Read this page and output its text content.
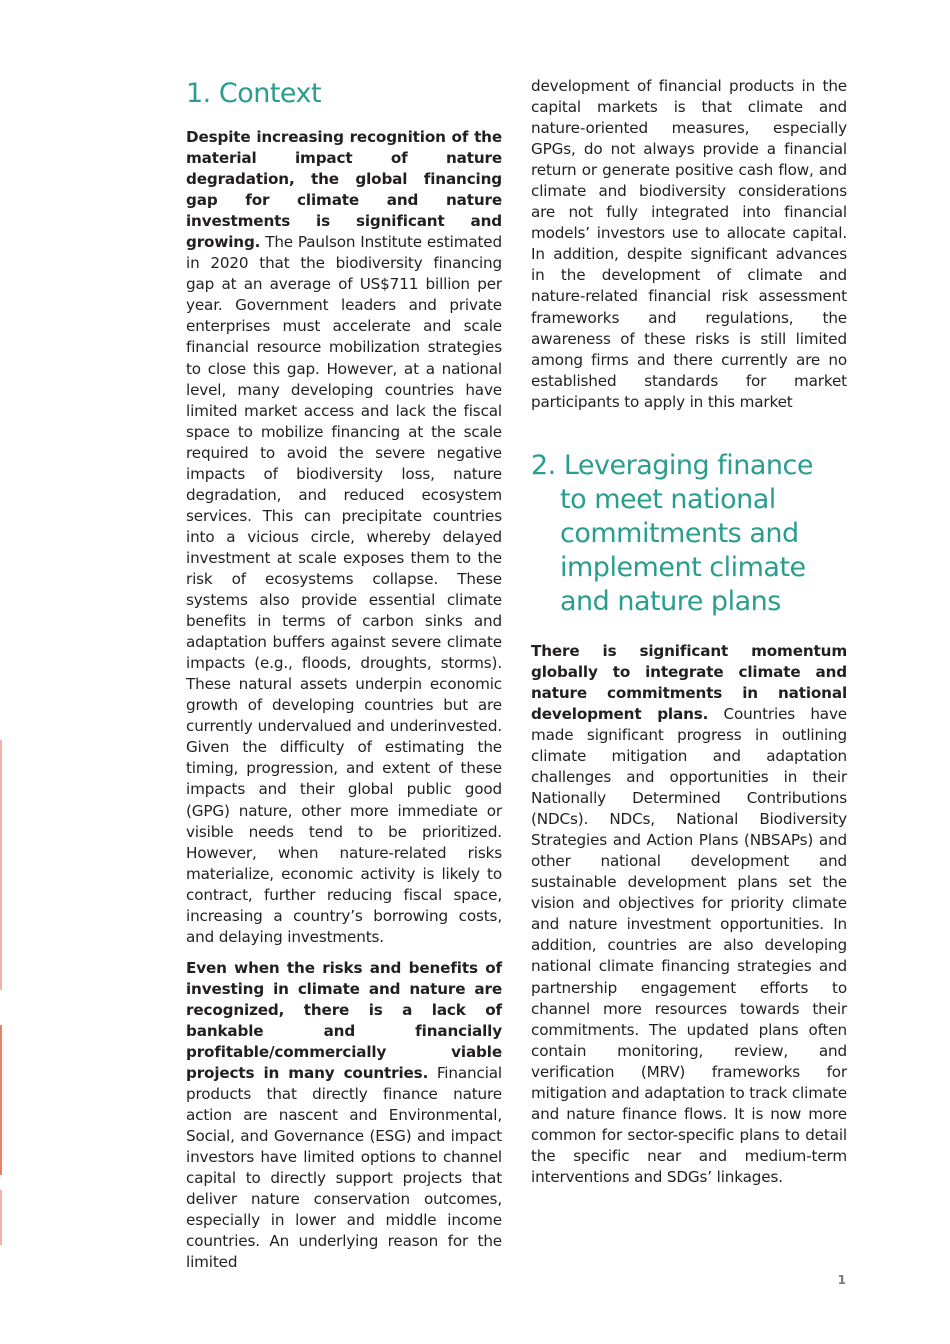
1. Context

Despite increasing recognition of the material impact of nature degradation, the global financing gap for climate and nature investments is significant and growing. The Paulson Institute estimated in 2020 that the biodiversity financing gap at an average of US$711 billion per year. Government leaders and private enterprises must accelerate and scale financial resource mobilization strategies to close this gap. However, at a national level, many developing countries have limited market access and lack the fiscal space to mobilize financing at the scale required to avoid the severe negative impacts of biodiversity loss, nature degradation, and reduced ecosystem services. This can precipitate countries into a vicious circle, whereby delayed investment at scale exposes them to the risk of ecosystems collapse. These systems also provide essential climate benefits in terms of carbon sinks and adaptation buffers against severe climate impacts (e.g., floods, droughts, storms). These natural assets underpin economic growth of developing countries but are currently undervalued and underinvested. Given the difficulty of estimating the timing, progression, and extent of these impacts and their global public good (GPG) nature, other more immediate or visible needs tend to be prioritized. However, when nature-related risks materialize, economic activity is likely to contract, further reducing fiscal space, increasing a country’s borrowing costs, and delaying investments.

Even when the risks and benefits of investing in climate and nature are recognized, there is a lack of bankable and financially profitable/commercially viable projects in many countries. Financial products that directly finance nature action are nascent and Environmental, Social, and Governance (ESG) and impact investors have limited options to channel capital to directly support projects that deliver nature conservation outcomes, especially in lower and middle income countries. An underlying reason for the limited

development of financial products in the capital markets is that climate and nature-oriented measures, especially GPGs, do not always provide a financial return or generate positive cash flow, and climate and biodiversity considerations are not fully integrated into financial models’ investors use to allocate capital. In addition, despite significant advances in the development of climate and nature-related financial risk assessment frameworks and regulations, the awareness of these risks is still limited among firms and there currently are no established standards for market participants to apply in this market

2. Leveraging finance
to meet national
commitments and
implement climate
and nature plans

There is significant momentum globally to integrate climate and nature commitments in national development plans. Countries have made significant progress in outlining climate mitigation and adaptation challenges and opportunities in their Nationally Determined Contributions (NDCs). NDCs, National Biodiversity Strategies and Action Plans (NBSAPs) and other national development and sustainable development plans set the vision and objectives for priority climate and nature investment opportunities. In addition, countries are also developing national climate financing strategies and partnership engagement efforts to channel more resources towards their commitments. The updated plans often contain monitoring, review, and verification (MRV) frameworks for mitigation and adaptation to track climate and nature finance flows. It is now more common for sector-specific plans to detail the specific near and medium-term interventions and SDGs’ linkages.

1
